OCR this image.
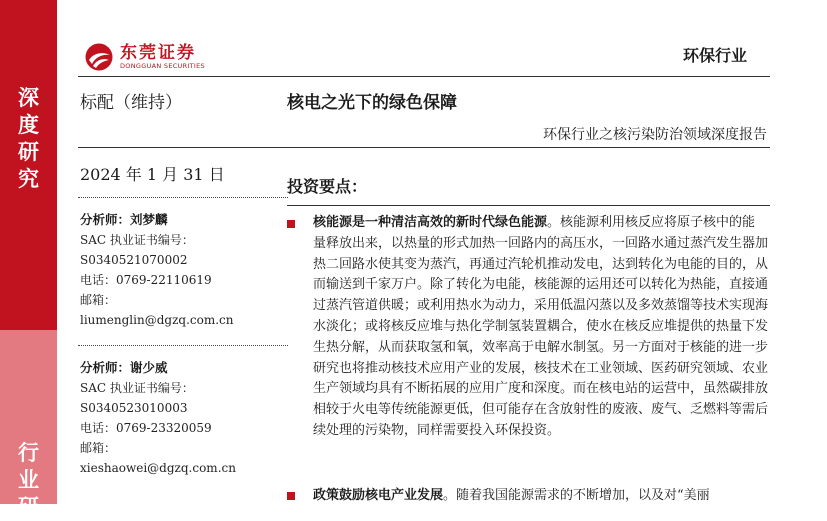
深度研究
行业研
东莞证券
DONGGUAN SECURITIES
环保行业
标配（维持）	核电之光下的绿色保障
环保行业之核污染防治领域深度报告
2024 年 1 月 31 日
分析师：刘梦麟
SAC 执业证书编号：
S0340521070002
电话：0769-22110619
邮箱：
liumenglin@dgzq.com.cn
分析师：谢少威
SAC 执业证书编号：
S0340523010003
电话：0769-23320059
邮箱：
xieshaowei@dgzq.com.cn
投资要点：
核能源是一种清洁高效的新时代绿色能源。核能源利用核反应将原子核中的能量释放出来，以热量的形式加热一回路内的高压水，一回路水通过蒸汽发生器加热二回路水使其变为蒸汽，再通过汽轮机推动发电，达到转化为电能的目的，从而输送到千家万户。除了转化为电能，核能源的运用还可以转化为热能，直接通过蒸汽管道供暖；或利用热水为动力，采用低温闪蒸以及多效蒸馏等技术实现海水淡化；或将核反应堆与热化学制氢装置耦合，使水在核反应堆提供的热量下发生热分解，从而获取氢和氧，效率高于电解水制氢。另一方面对于核能的进一步研究也将推动核技术应用产业的发展，核技术在工业领域、医药研究领域、农业生产领域均具有不断拓展的应用广度和深度。而在核电站的运营中，虽然碳排放相较于火电等传统能源更低，但可能存在含放射性的废液、废气、乏燃料等需后续处理的污染物，同样需要投入环保投资。
政策鼓励核电产业发展。随着我国能源需求的不断增加，以及对“美丽
